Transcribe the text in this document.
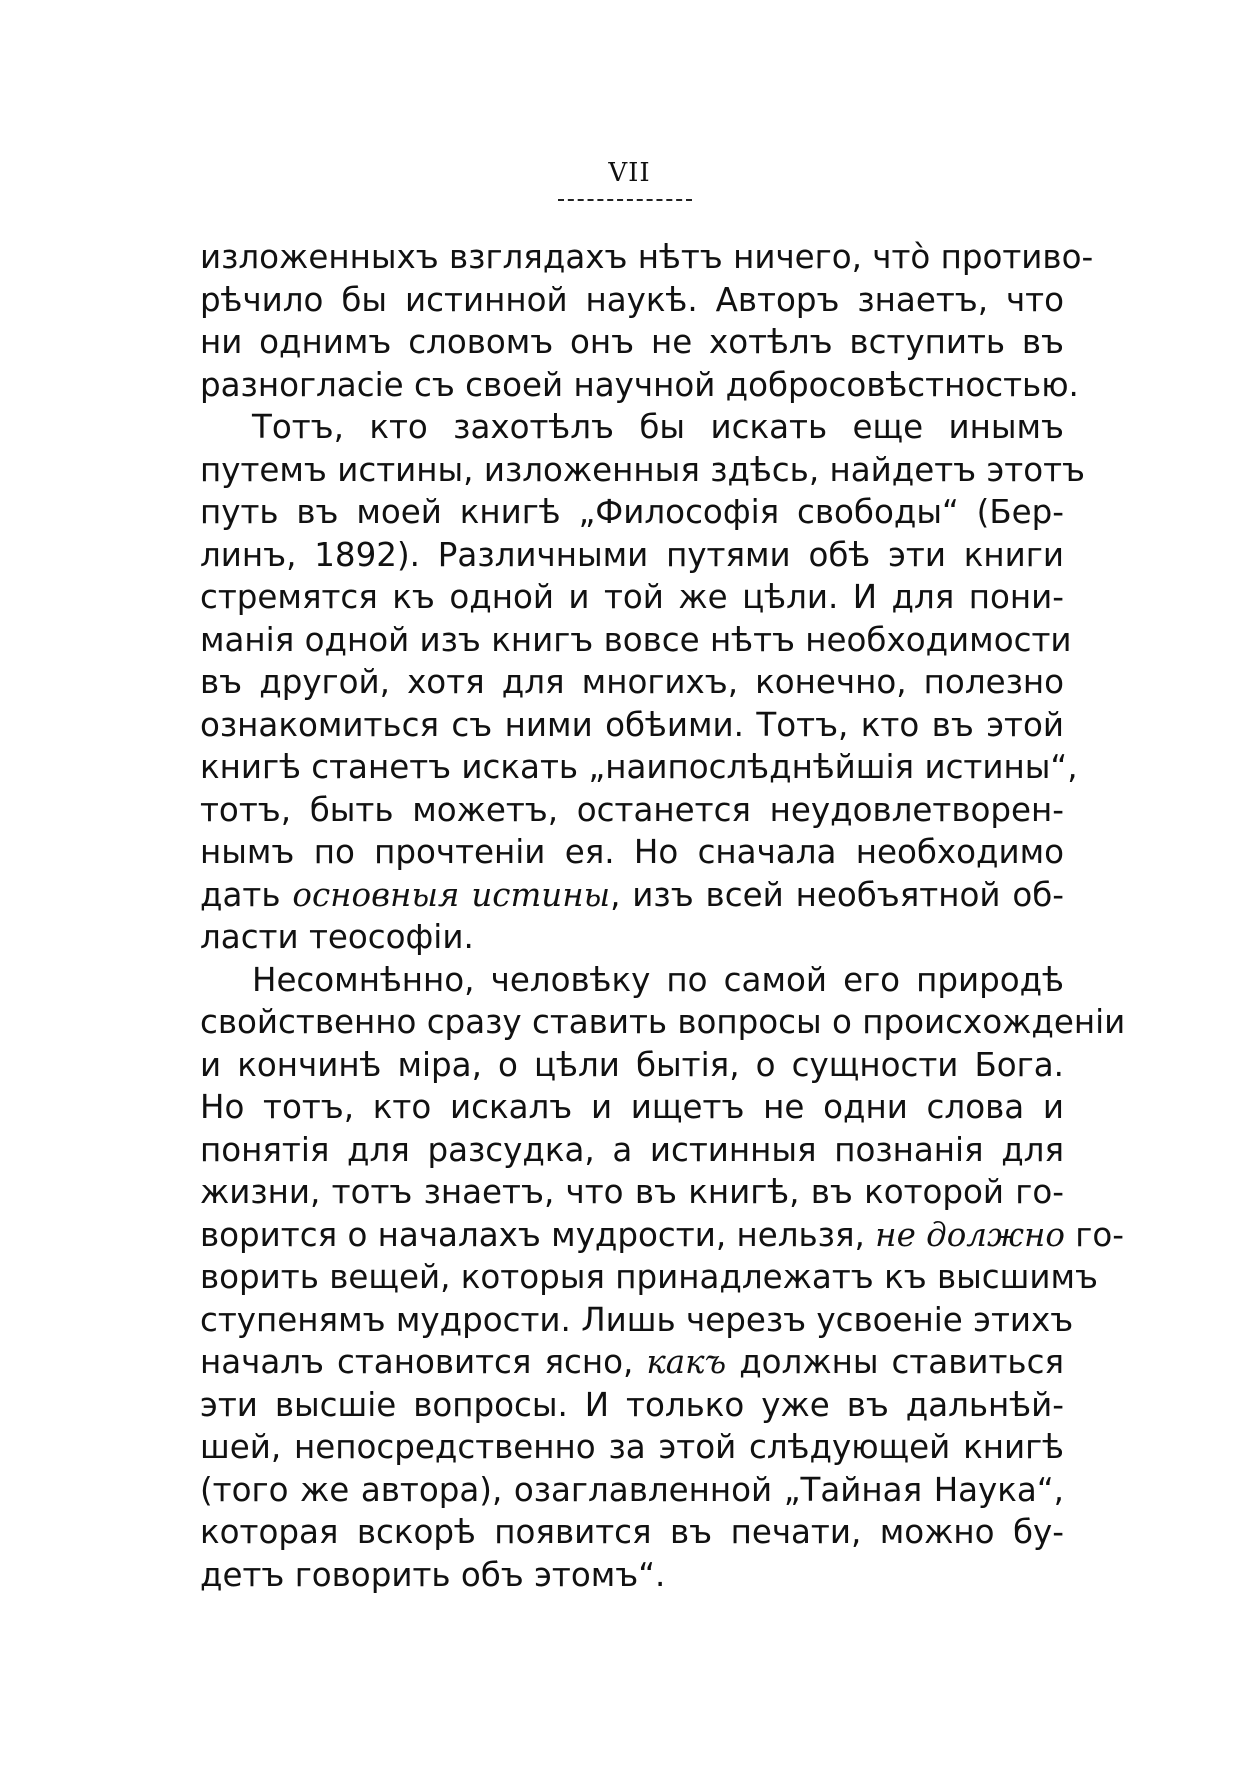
VII
изложенныхъ взглядахъ нѣтъ ничего, что̀ противо-
рѣчило бы истинной наукѣ. Авторъ знаетъ, что
ни однимъ словомъ онъ не хотѣлъ вступить въ
разногласіе съ своей научной добросовѣстностью.
Тотъ, кто захотѣлъ бы искать еще инымъ
путемъ истины, изложенныя здѣсь, найдетъ этотъ
путь въ моей книгѣ „Философія свободы“ (Бер-
линъ, 1892). Различными путями обѣ эти книги
стремятся къ одной и той же цѣли. И для пони-
манія одной изъ книгъ вовсе нѣтъ необходимости
въ другой, хотя для многихъ, конечно, полезно
ознакомиться съ ними обѣими. Тотъ, кто въ этой
книгѣ станетъ искать „наипослѣднѣйшія истины“,
тотъ, быть можетъ, останется неудовлетворен-
нымъ по прочтеніи ея. Но сначала необходимо
дать основныя истины, изъ всей необъятной об-
ласти теософіи.
Несомнѣнно, человѣку по самой его природѣ
свойственно сразу ставить вопросы о происхожденіи
и кончинѣ міра, о цѣли бытія, о сущности Бога.
Но тотъ, кто искалъ и ищетъ не одни слова и
понятія для разсудка, а истинныя познанія для
жизни, тотъ знаетъ, что въ книгѣ, въ которой го-
ворится о началахъ мудрости, нельзя, не должно го-
ворить вещей, которыя принадлежатъ къ высшимъ
ступенямъ мудрости. Лишь черезъ усвоеніе этихъ
началъ становится ясно, какъ должны ставиться
эти высшіе вопросы. И только уже въ дальнѣй-
шей, непосредственно за этой слѣдующей книгѣ
(того же автора), озаглавленной „Тайная Наука“,
которая вскорѣ появится въ печати, можно бу-
детъ говорить объ этомъ“.
